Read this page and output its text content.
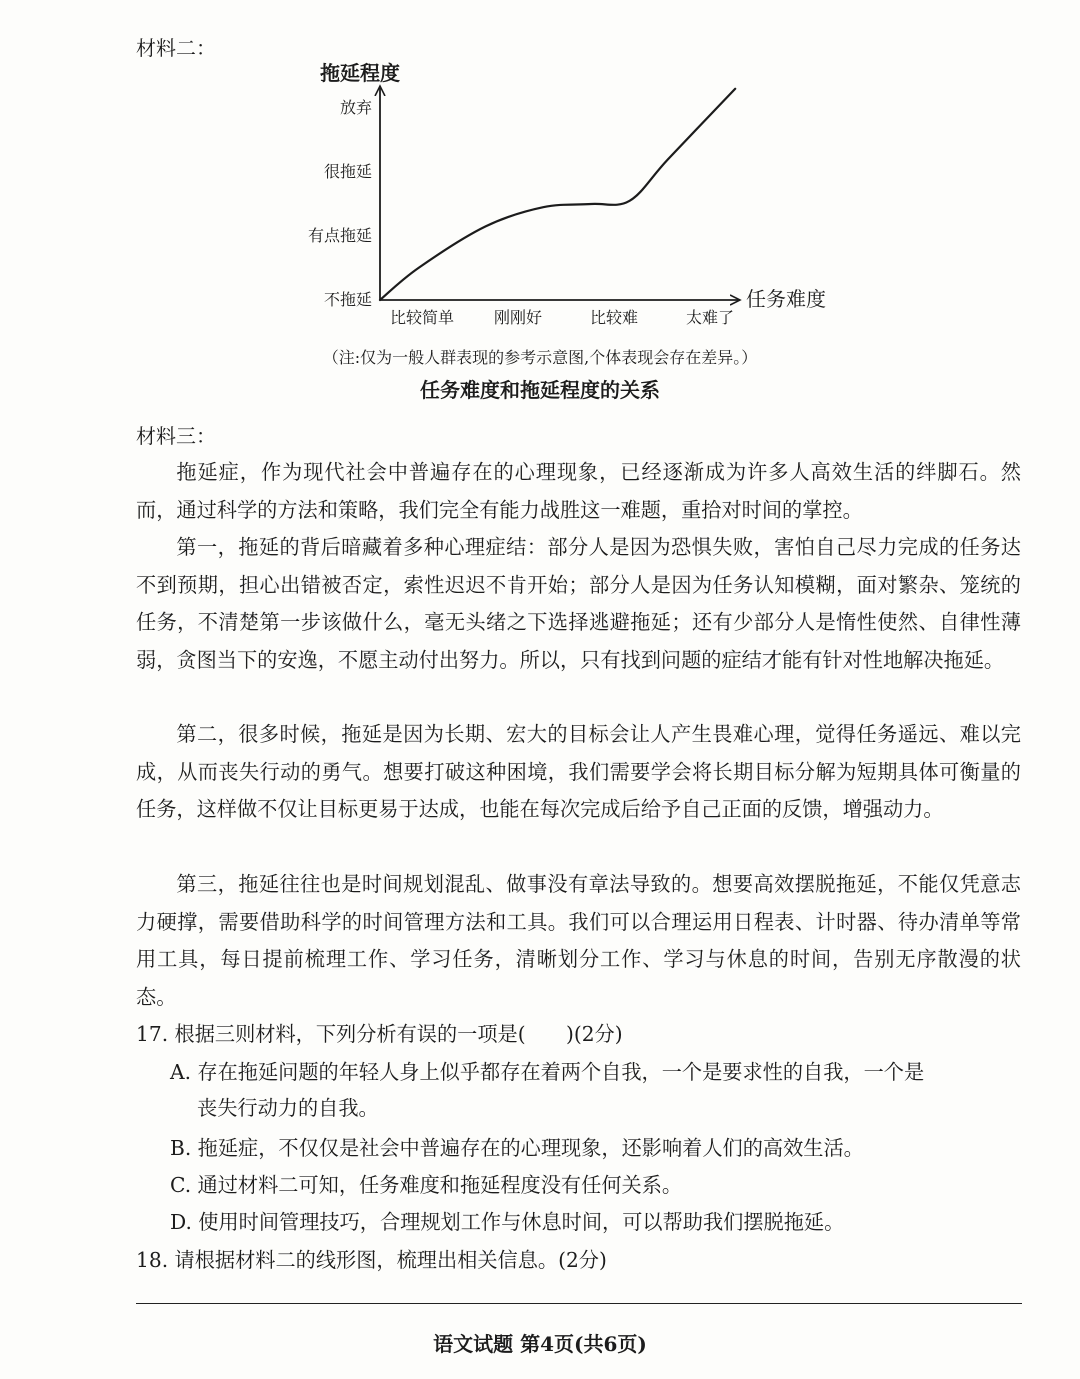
材料二：
比较简单 刚刚好	比较难	太难了
不拖延
有点拖延
很拖延
放弃
任务难度
拖延程度
（注:仅为一般人群表现的参考示意图,个体表现会存在差异。）
任务难度和拖延程度的关系
材料三：

拖延症，作为现代社会中普遍存在的心理现象，已经逐渐成为许多人高效生活的绊脚石。然而，通过科学的方法和策略，我们完全有能力战胜这一难题，重拾对时间的掌控。

第一，拖延的背后暗藏着多种心理症结：部分人是因为恐惧失败，害怕自己尽力完成的任务达不到预期，担心出错被否定，索性迟迟不肯开始；部分人是因为任务认知模糊，面对繁杂、笼统的任务，不清楚第一步该做什么，毫无头绪之下选择逃避拖延；还有少部分人是惰性使然、自律性薄弱，贪图当下的安逸，不愿主动付出努力。所以，只有找到问题的症结才能有针对性地解决拖延。

第二，很多时候，拖延是因为长期、宏大的目标会让人产生畏难心理，觉得任务遥远、难以完成，从而丧失行动的勇气。想要打破这种困境，我们需要学会将长期目标分解为短期具体可衡量的任务，这样做不仅让目标更易于达成，也能在每次完成后给予自己正面的反馈，增强动力。

第三，拖延往往也是时间规划混乱、做事没有章法导致的。想要高效摆脱拖延，不能仅凭意志力硬撑，需要借助科学的时间管理方法和工具。我们可以合理运用日程表、计时器、待办清单等常用工具，每日提前梳理工作、学习任务，清晰划分工作、学习与休息的时间，告别无序散漫的状态。

17. 根据三则材料，下列分析有误的一项是(　　)(2分)

A. 存在拖延问题的年轻人身上似乎都存在着两个自我，一个是要求性的自我，一个是
丧失行动力的自我。

B. 拖延症，不仅仅是社会中普遍存在的心理现象，还影响着人们的高效生活。

C. 通过材料二可知，任务难度和拖延程度没有任何关系。

D. 使用时间管理技巧，合理规划工作与休息时间，可以帮助我们摆脱拖延。

18. 请根据材料二的线形图，梳理出相关信息。(2分)

语文试题 第4页(共6页)
